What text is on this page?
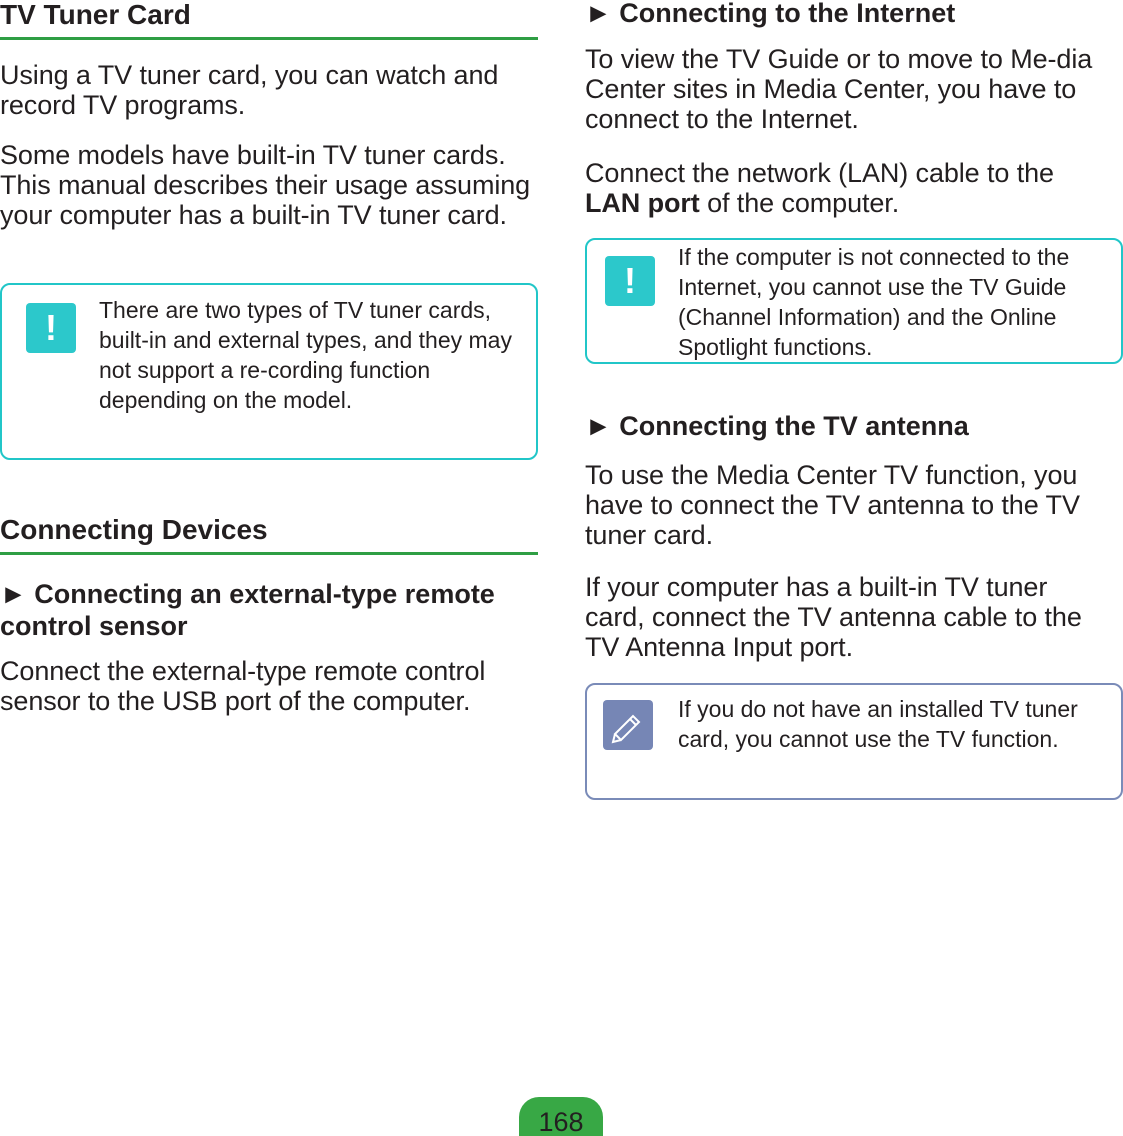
TV Tuner Card

Using a TV tuner card, you can watch and record TV programs.

Some models have built-in TV tuner cards. This manual describes their usage assuming your computer has a built-in TV tuner card.

!	There are two types of TV tuner cards, built-in and external types, and they may not support a re-cording function depending on the model.
Connecting Devices
► Connecting an external-type remote control sensor

Connect the external-type remote control sensor to the USB port of the computer.

► Connecting to the Internet

To view the TV Guide or to move to Me-dia Center sites in Media Center, you have to connect to the Internet.

Connect the network (LAN) cable to the LAN port of the computer.

!
If the computer is not connected to the Internet, you cannot use the TV Guide (Channel Information) and the Online Spotlight functions.
► Connecting the TV antenna

To use the Media Center TV function, you have to connect the TV antenna to the TV tuner card.

If your computer has a built-in TV tuner card, connect the TV antenna cable to the TV Antenna Input port.

If you do not have an installed TV tuner card, you cannot use the TV function.
168
